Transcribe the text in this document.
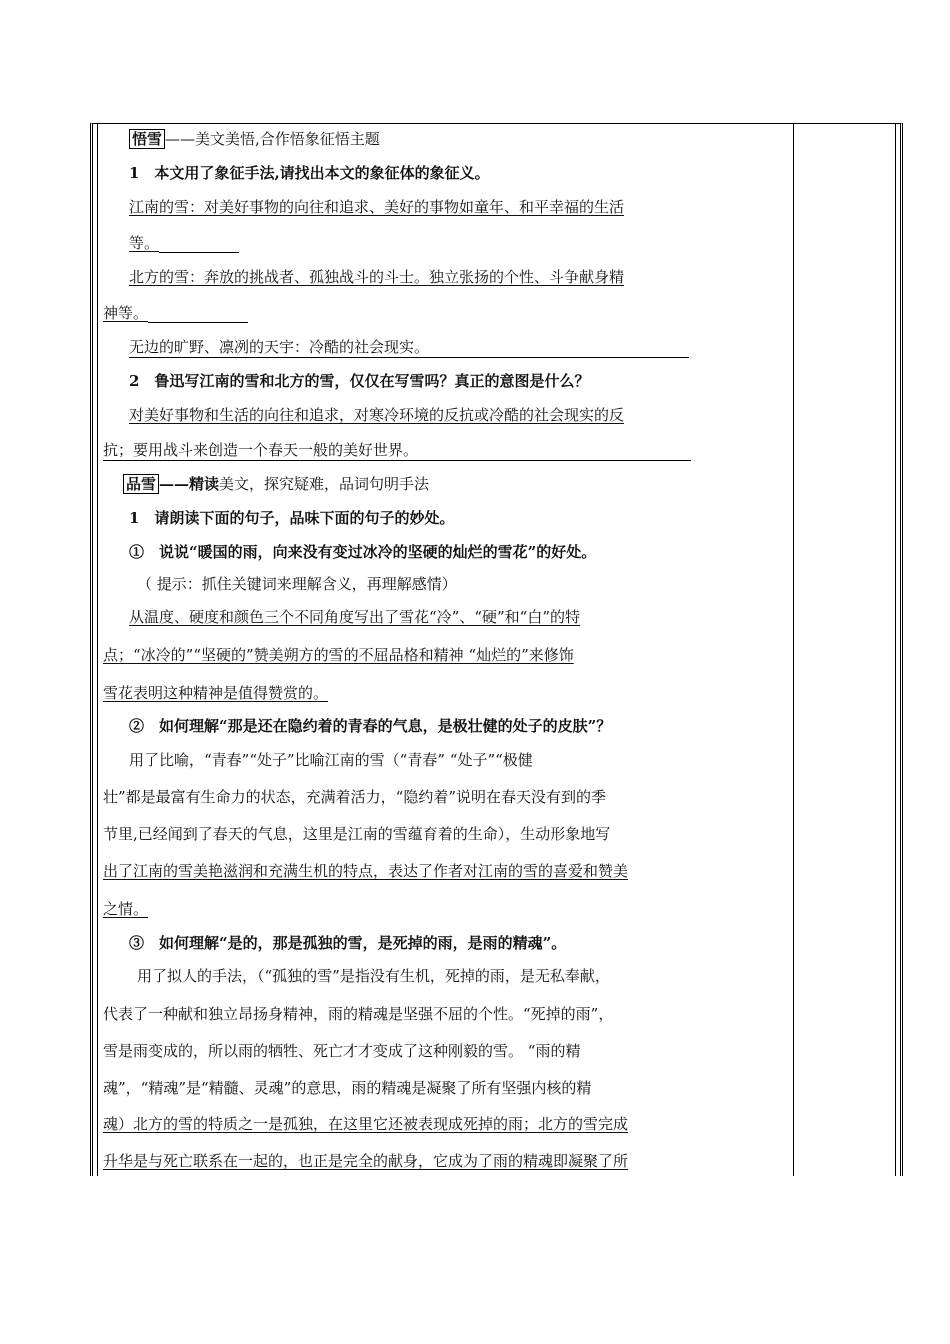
悟雪 ——美文美悟,合作悟象征悟主题
1　本文用了象征手法,请找出本文的象征体的象征义。
江南的雪：对美好事物的向往和追求、美好的事物如童年、和平幸福的生活
等。
北方的雪：奔放的挑战者、孤独战斗的斗士。独立张扬的个性、斗争献身精
神等。
无边的旷野、凛冽的天宇：冷酷的社会现实。
2　鲁迅写江南的雪和北方的雪，仅仅在写雪吗？真正的意图是什么？
对美好事物和生活的向往和追求，对寒冷环境的反抗或冷酷的社会现实的反
抗；要用战斗来创造一个春天一般的美好世界。
品雪 ——精读美文，探究疑难，品词句明手法
1　请朗读下面的句子，品味下面的句子的妙处。
①　说说“暖国的雨，向来没有变过冰冷的坚硬的灿烂的雪花”的好处。
（ 提示：抓住关键词来理解含义，再理解感情）
从温度、硬度和颜色三个不同角度写出了雪花“冷”、“硬”和“白”的特
点；“冰冷的”“坚硬的”赞美朔方的雪的不屈品格和精神 “灿烂的”来修饰
雪花表明这种精神是值得赞赏的。
②　如何理解“那是还在隐约着的青春的气息，是极壮健的处子的皮肤”？
用了比喻，“青春”“处子”比喻江南的雪（“青春” “处子”“极健
壮”都是最富有生命力的状态，充满着活力，“隐约着”说明在春天没有到的季
节里,已经闻到了春天的气息，这里是江南的雪蕴育着的生命），生动形象地写
出了江南的雪美艳滋润和充满生机的特点，表达了作者对江南的雪的喜爱和赞美
之情。
③　如何理解“是的，那是孤独的雪，是死掉的雨，是雨的精魂”。
用了拟人的手法，（“孤独的雪”是指没有生机，死掉的雨，是无私奉献，
代表了一种献和独立昂扬身精神，雨的精魂是坚强不屈的个性。“死掉的雨”，
雪是雨变成的，所以雨的牺牲、死亡才才变成了这种刚毅的雪。 “雨的精
魂”，“精魂”是“精髓、灵魂”的意思，雨的精魂是凝聚了所有坚强内核的精
魂）北方的雪的特质之一是孤独，在这里它还被表现成死掉的雨；北方的雪完成
升华是与死亡联系在一起的，也正是完全的献身，它成为了雨的精魂即凝聚了所
